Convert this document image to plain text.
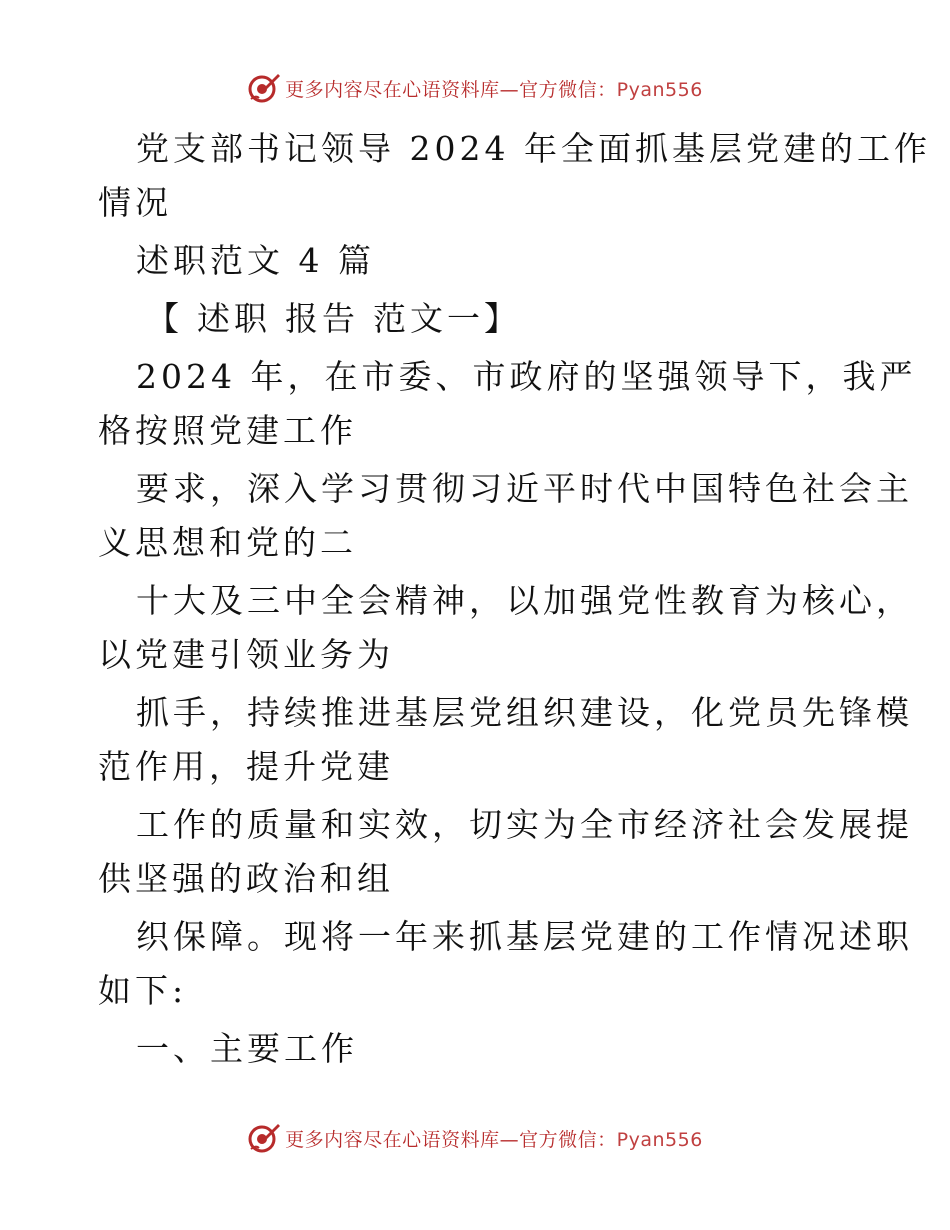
更多内容尽在心语资料库—官方微信：Pyan556
党支部书记领导 2024 年全面抓基层党建的工作
情况
述职范文 4 篇
【 述职 报告 范文一】
2024 年，在市委、市政府的坚强领导下，我严
格按照党建工作
要求，深入学习贯彻习近平时代中国特色社会主
义思想和党的二
十大及三中全会精神，以加强党性教育为核心，
以党建引领业务为
抓手，持续推进基层党组织建设，化党员先锋模
范作用，提升党建
工作的质量和实效，切实为全市经济社会发展提
供坚强的政治和组
织保障。现将一年来抓基层党建的工作情况述职
如下:
一、主要工作
更多内容尽在心语资料库—官方微信：Pyan556
